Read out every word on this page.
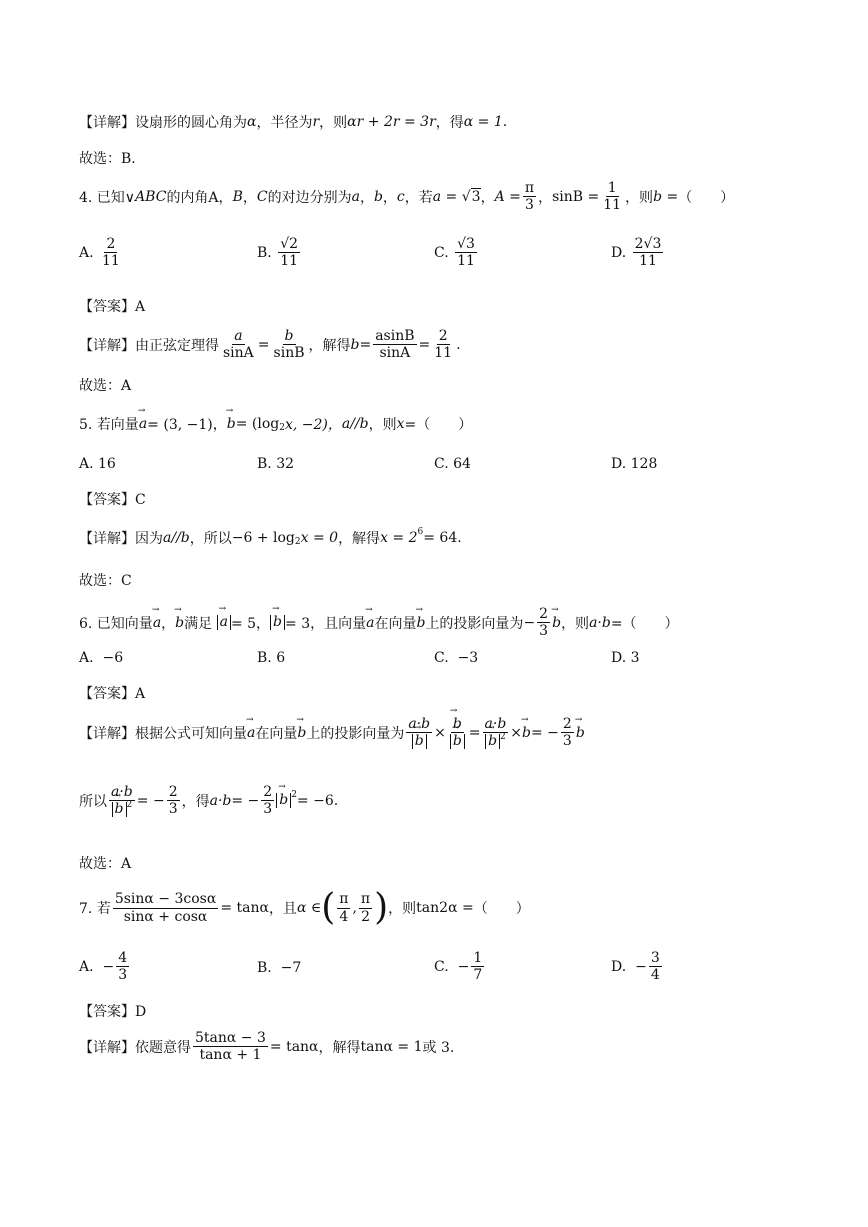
【详解】 设扇形的圆心角为 α ，半径为 r ，则 αr + 2r = 3r ，得 α = 1 .
故选：B.
4. 已知∨ ABC 的内角A， B ， C 的对边分别为 a ， b ， c ，若 a = √ 3 ， $A = \frac{\pi}{3}$ ， $\sin B = \frac{1}{11}$ ，则 b = （　　）
A.
$\frac{2}{11}$	B.
$\frac{√2}{11}$	C.
$\frac{√3}{11}$	D.
$\frac{2√3}{11}$
【答案】A
【详解】 由正弦定理得 $\frac{a}{\sin A} = \frac{b}{\sin B}$ ，解得 $b = \frac{asinB}{\sin A} = \frac{2}{11}$ .
故选：A
5. 若向量
→ a = (3, −1)，
→ b = (log 2 x, −2)， a//b ，则 x =（　　）
A.
16	B.
32	C.
64	D.
128
【答案】C
【详解】 因为 a//b ，所以 −6 + log 2 x = 0 ，解得 x = 2 6 = 64 .
故选：C
6. 已知向量
→ a ，
→ b 满足

→ a = 5，
→ b = 3，且向量
→ a 在向量
→ b 上的投影向量为 − $\frac{2}{3}$
→ b ，则 a·b =（　　）
A.
−6	B.
6	C.
−3	D.
3
【答案】A
【详解】 根据公式可知向量
→ a 在向量
→ b 上的投影向量为 a·b
→ b ×
→ b
→ b = a·b
→ b $^2$ ×
→ b = − $\frac{2}{3}$
→ b
所以 a·b
→ b $^2$ = − $\frac{2}{3}$ ，得 a·b = − $\frac{2}{3}$
→ b 2 = −6 .
故选：A
7. 若 $\frac{5\sin\alpha - 3\cos\alpha}{\sin\alpha + \cos\alpha} = \tan\alpha$ ，且 α ∈ ( $\frac{\pi}{4}$ , $\frac{\pi}{2}$ ) ，则 tan2α = （　　）
A.
− $\frac{4}{3}$	B.
−7	C.
− $\frac{1}{7}$	D.
− $\frac{3}{4}$
【答案】D
【详解】 依题意得 $\frac{5\tan\alpha - 3}{\tan\alpha + 1} = \tan\alpha$ ，解得 tanα = 1 或 3.
